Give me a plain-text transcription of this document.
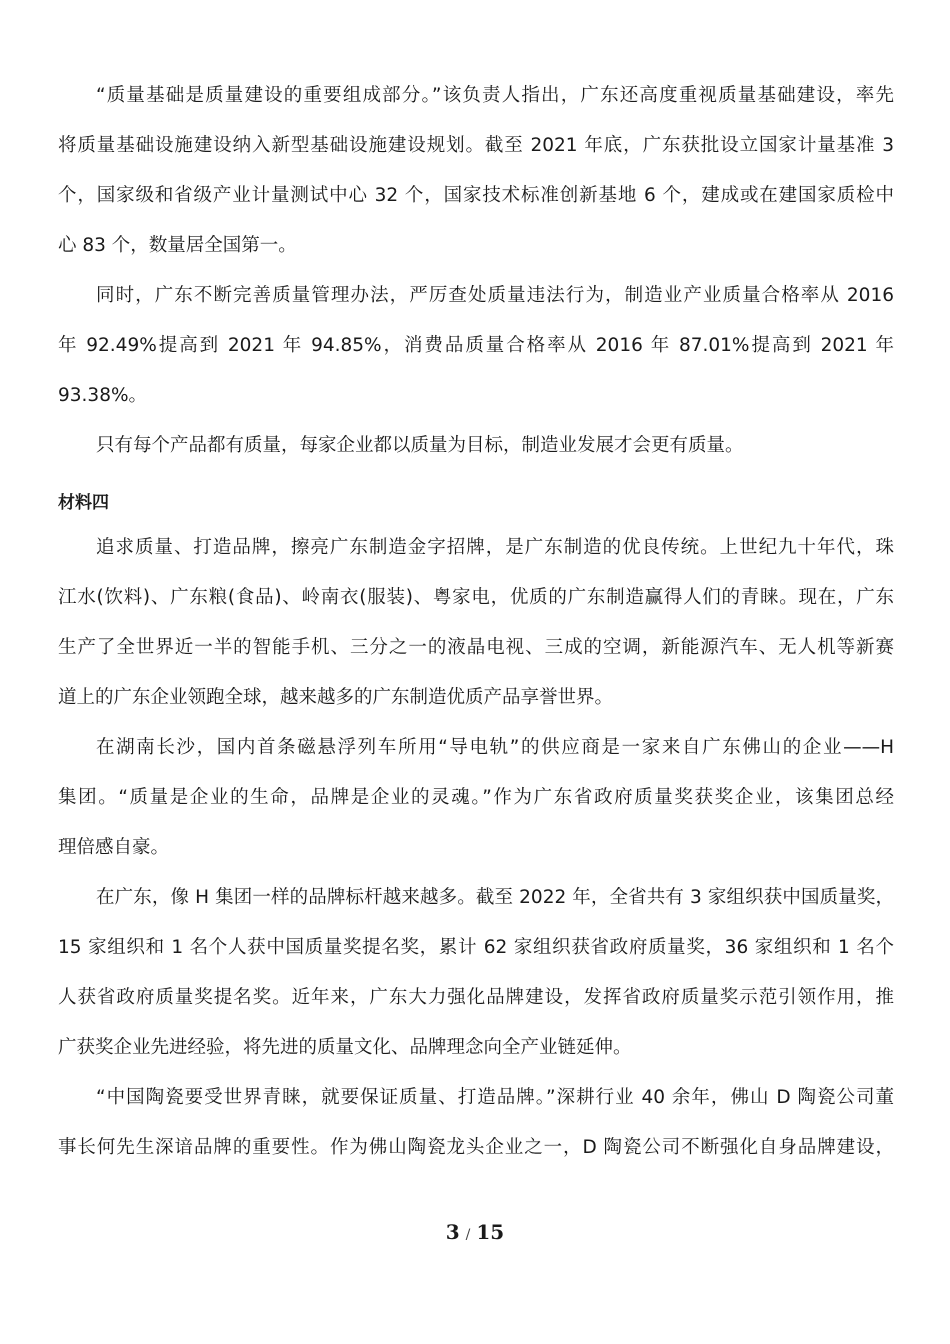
“质量基础是质量建设的重要组成部分。”该负责人指出，广东还高度重视质量基础建设，率先
将质量基础设施建设纳入新型基础设施建设规划。截至 2021 年底，广东获批设立国家计量基准 3
个，国家级和省级产业计量测试中心 32 个，国家技术标准创新基地 6 个，建成或在建国家质检中
心 83 个，数量居全国第一。
同时，广东不断完善质量管理办法，严厉查处质量违法行为，制造业产业质量合格率从 2016
年 92.49%提高到 2021 年 94.85%，消费品质量合格率从 2016 年 87.01%提高到 2021 年
93.38%。
只有每个产品都有质量，每家企业都以质量为目标，制造业发展才会更有质量。
材料四
追求质量、打造品牌，擦亮广东制造金字招牌，是广东制造的优良传统。上世纪九十年代，珠
江水(饮料)、广东粮(食品)、岭南衣(服装)、粤家电，优质的广东制造赢得人们的青睐。现在，广东
生产了全世界近一半的智能手机、三分之一的液晶电视、三成的空调，新能源汽车、无人机等新赛
道上的广东企业领跑全球，越来越多的广东制造优质产品享誉世界。
在湖南长沙，国内首条磁悬浮列车所用“导电轨”的供应商是一家来自广东佛山的企业——H
集团。“质量是企业的生命，品牌是企业的灵魂。”作为广东省政府质量奖获奖企业，该集团总经
理倍感自豪。
在广东，像 H 集团一样的品牌标杆越来越多。截至 2022 年，全省共有 3 家组织获中国质量奖，
15 家组织和 1 名个人获中国质量奖提名奖，累计 62 家组织获省政府质量奖，36 家组织和 1 名个
人获省政府质量奖提名奖。近年来，广东大力强化品牌建设，发挥省政府质量奖示范引领作用，推
广获奖企业先进经验，将先进的质量文化、品牌理念向全产业链延伸。
“中国陶瓷要受世界青睐，就要保证质量、打造品牌。”深耕行业 40 余年，佛山 D 陶瓷公司董
事长何先生深谙品牌的重要性。作为佛山陶瓷龙头企业之一，D 陶瓷公司不断强化自身品牌建设，
3 / 15
